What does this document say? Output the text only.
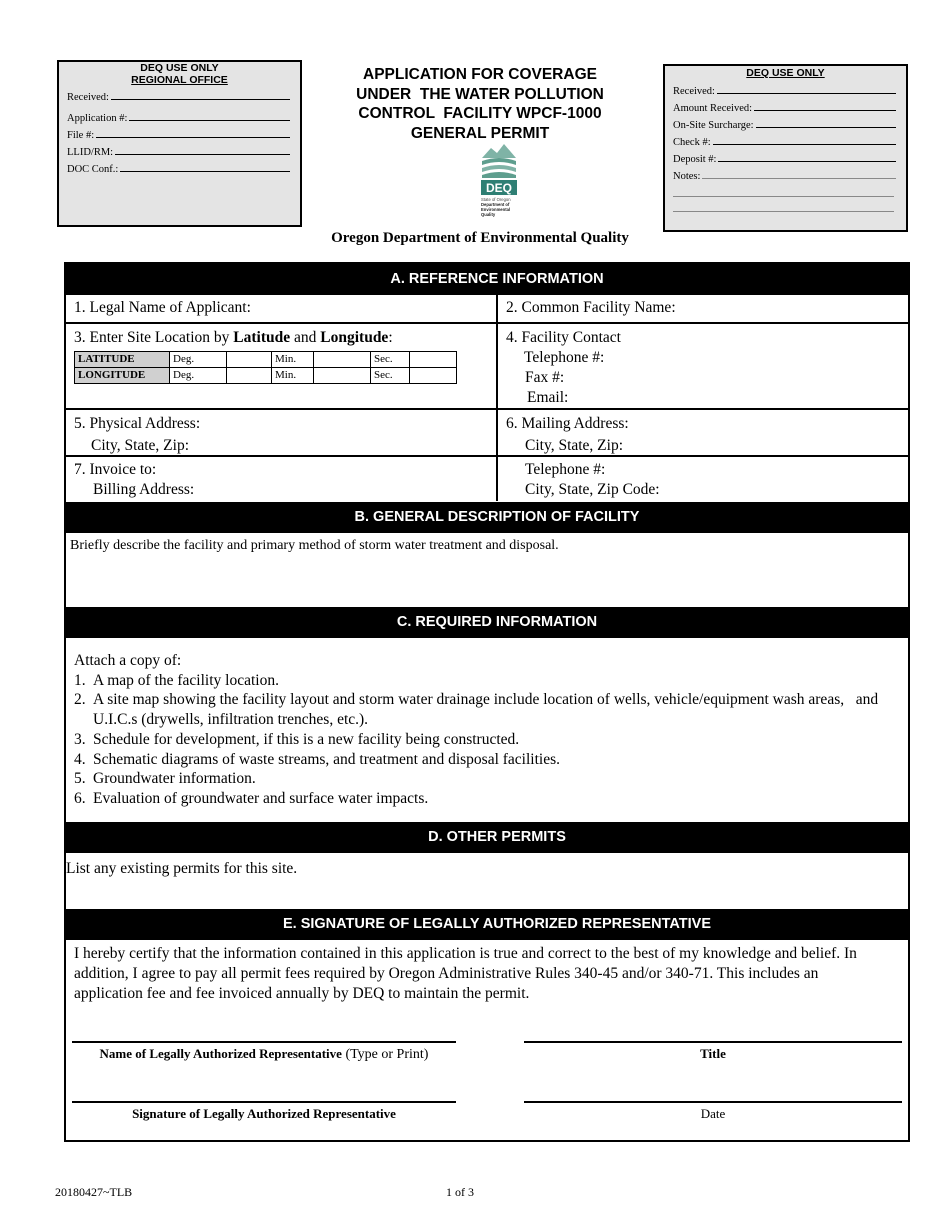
DEQ USE ONLY
REGIONAL OFFICE
Received:
Application #:
File #:
LLID/RM:
DOC Conf.:
DEQ USE ONLY
Received:
Amount Received:
On-Site Surcharge:
Check #:
Deposit #:
Notes:
APPLICATION FOR COVERAGE
UNDER  THE WATER POLLUTION
CONTROL  FACILITY WPCF-1000
GENERAL PERMIT
DEQ
State of Oregon
Department of
Environmental
Quality
Oregon Department of Environmental Quality
A. REFERENCE INFORMATION
1. Legal Name of Applicant:	2. Common Facility Name:
3. Enter Site Location by Latitude and Longitude:
LATITUDE	Deg.		Min.		Sec.	
LONGITUDE	Deg.		Min.		Sec.	
4. Facility Contact
Telephone #:
Fax #:
Email:
5. Physical Address:
City, State, Zip:
6. Mailing Address:
City, State, Zip:
7. Invoice to:
Billing Address:
Telephone #:
City, State, Zip Code:
B. GENERAL DESCRIPTION OF FACILITY
Briefly describe the facility and primary method of storm water treatment and disposal.
C. REQUIRED INFORMATION
Attach a copy of:
1. A map of the facility location.
2. A site map showing the facility layout and storm water drainage include location of wells, vehicle/equipment wash areas,   and U.I.C.s (drywells, infiltration trenches, etc.).
3. Schedule for development, if this is a new facility being constructed.
4. Schematic diagrams of waste streams, and treatment and disposal facilities.
5. Groundwater information.
6. Evaluation of groundwater and surface water impacts.
D. OTHER PERMITS
List any existing permits for this site.
E. SIGNATURE OF LEGALLY AUTHORIZED REPRESENTATIVE
I hereby certify that the information contained in this application is true and correct to the best of my knowledge and belief. In addition, I agree to pay all permit fees required by Oregon Administrative Rules 340-45 and/or 340-71. This includes an application fee and fee invoiced annually by DEQ to maintain the permit.
Name of Legally Authorized Representative (Type or Print)	Title
Signature of Legally Authorized Representative	Date
20180427~TLB	1 of 3
